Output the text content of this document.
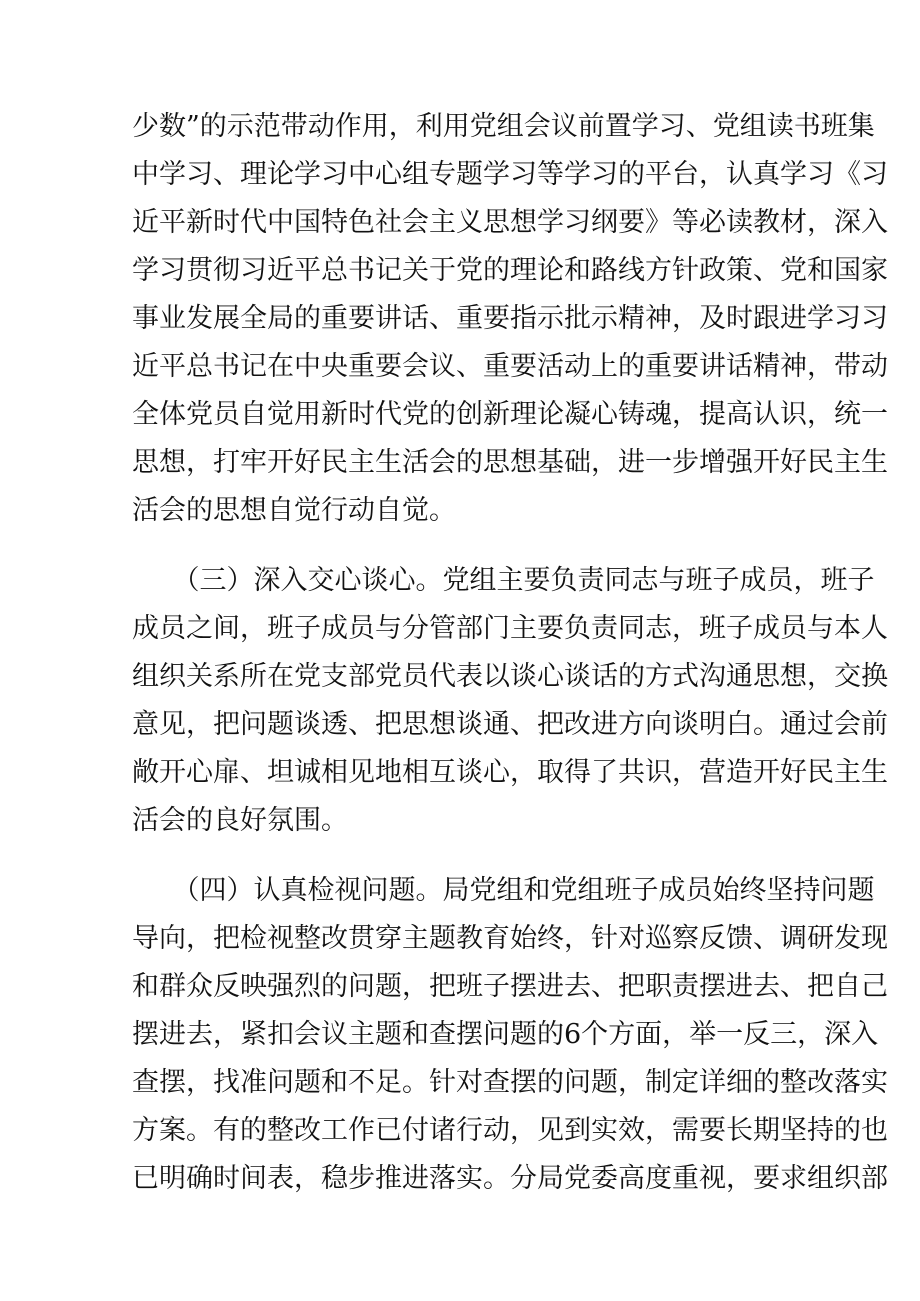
少数”的示范带动作用，利用党组会议前置学习、党组读书班集
中学习、理论学习中心组专题学习等学习的平台，认真学习《习
近平新时代中国特色社会主义思想学习纲要》等必读教材，深入
学习贯彻习近平总书记关于党的理论和路线方针政策、党和国家
事业发展全局的重要讲话、重要指示批示精神，及时跟进学习习
近平总书记在中央重要会议、重要活动上的重要讲话精神，带动
全体党员自觉用新时代党的创新理论凝心铸魂，提高认识，统一
思想，打牢开好民主生活会的思想基础，进一步增强开好民主生
活会的思想自觉行动自觉。
　　（三）深入交心谈心。党组主要负责同志与班子成员，班子
成员之间，班子成员与分管部门主要负责同志，班子成员与本人
组织关系所在党支部党员代表以谈心谈话的方式沟通思想，交换
意见，把问题谈透、把思想谈通、把改进方向谈明白。通过会前
敞开心扉、坦诚相见地相互谈心，取得了共识，营造开好民主生
活会的良好氛围。
　　（四）认真检视问题。局党组和党组班子成员始终坚持问题
导向，把检视整改贯穿主题教育始终，针对巡察反馈、调研发现
和群众反映强烈的问题，把班子摆进去、把职责摆进去、把自己
摆进去，紧扣会议主题和查摆问题的6个方面，举一反三，深入
查摆，找准问题和不足。针对查摆的问题，制定详细的整改落实
方案。有的整改工作已付诸行动，见到实效，需要长期坚持的也
已明确时间表，稳步推进落实。分局党委高度重视，要求组织部
